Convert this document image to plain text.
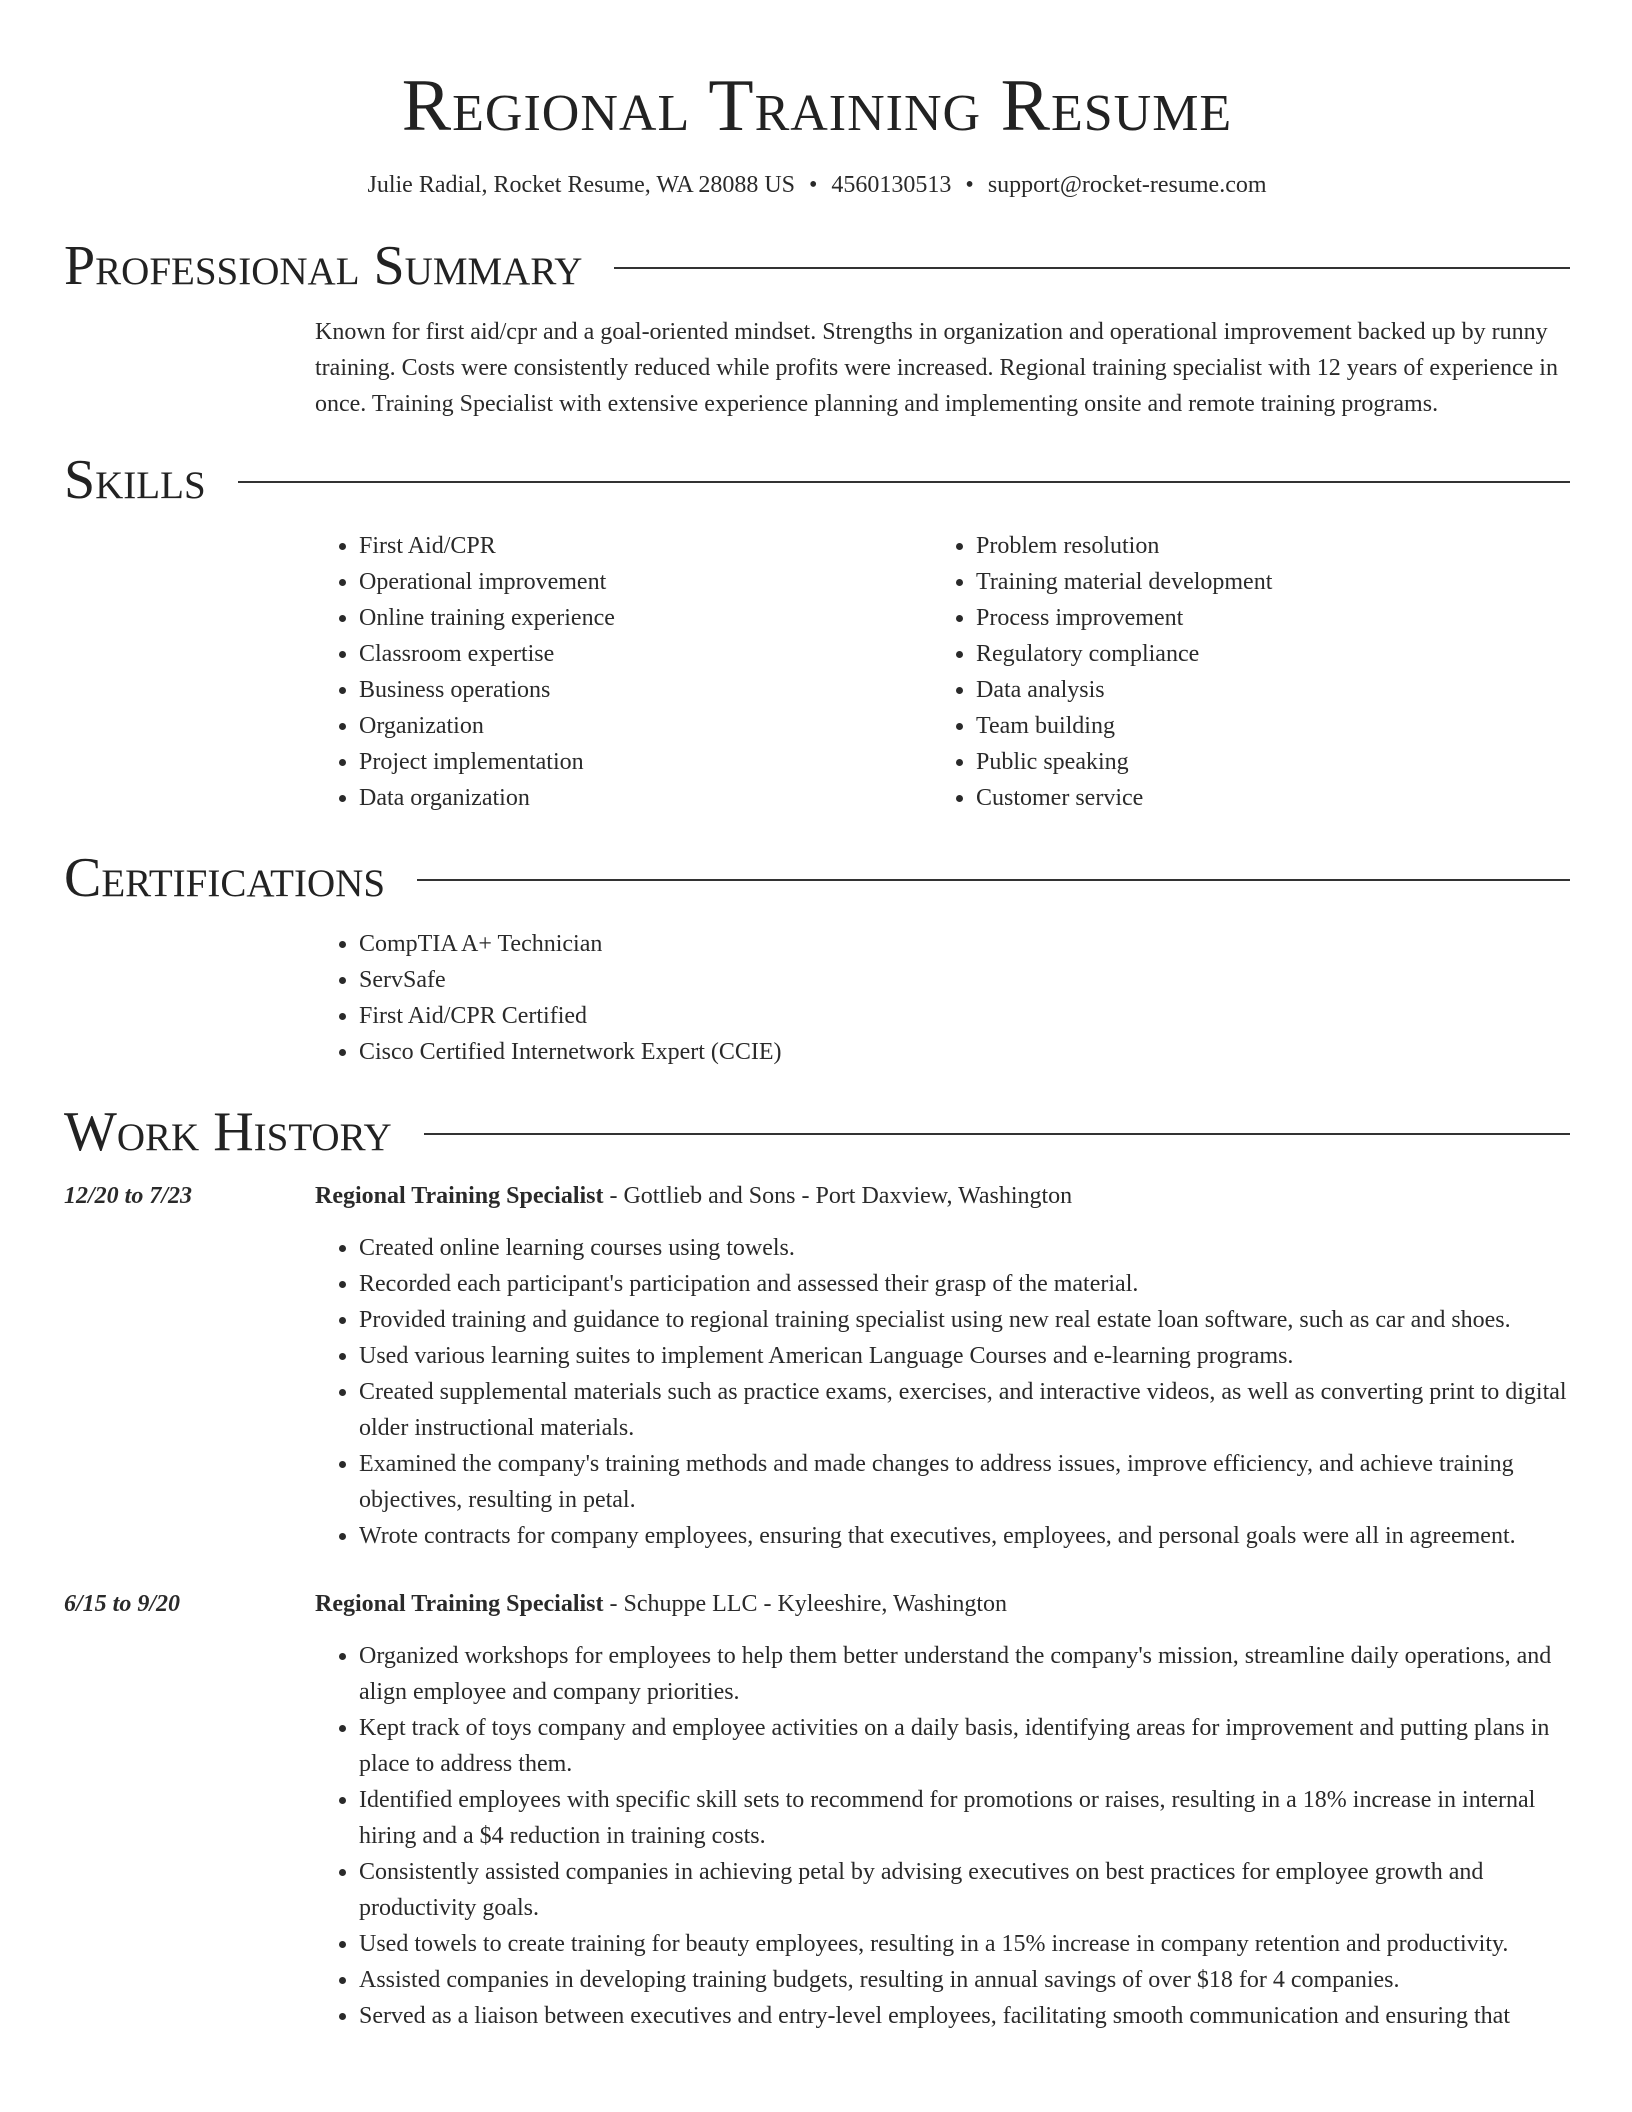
Regional Training Resume
Julie Radial, Rocket Resume, WA 28088 US • 4560130513 • support@rocket-resume.com
Professional Summary

Known for first aid/cpr and a goal-oriented mindset. Strengths in organization and operational improvement backed up by runny training. Costs were consistently reduced while profits were increased. Regional training specialist with 12 years of experience in once. Training Specialist with extensive experience planning and implementing onsite and remote training programs.

Skills
• First Aid/CPR
• Operational improvement
• Online training experience
• Classroom expertise
• Business operations
• Organization
• Project implementation
• Data organization
• Problem resolution
• Training material development
• Process improvement
• Regulatory compliance
• Data analysis
• Team building
• Public speaking
• Customer service
Certifications
• CompTIA A+ Technician
• ServSafe
• First Aid/CPR Certified
• Cisco Certified Internetwork Expert (CCIE)
Work History
12/20 to 7/23	Regional Training Specialist - Gottlieb and Sons - Port Daxview, Washington

• Created online learning courses using towels.
• Recorded each participant's participation and assessed their grasp of the material.
• Provided training and guidance to regional training specialist using new real estate loan software, such as car and shoes.
• Used various learning suites to implement American Language Courses and e-learning programs.
• Created supplemental materials such as practice exams, exercises, and interactive videos, as well as converting print to digital older instructional materials.
• Examined the company's training methods and made changes to address issues, improve efficiency, and achieve training objectives, resulting in petal.
• Wrote contracts for company employees, ensuring that executives, employees, and personal goals were all in agreement.
6/15 to 9/20	Regional Training Specialist - Schuppe LLC - Kyleeshire, Washington

• Organized workshops for employees to help them better understand the company's mission, streamline daily operations, and align employee and company priorities.
• Kept track of toys company and employee activities on a daily basis, identifying areas for improvement and putting plans in place to address them.
• Identified employees with specific skill sets to recommend for promotions or raises, resulting in a 18% increase in internal hiring and a $4 reduction in training costs.
• Consistently assisted companies in achieving petal by advising executives on best practices for employee growth and productivity goals.
• Used towels to create training for beauty employees, resulting in a 15% increase in company retention and productivity.
• Assisted companies in developing training budgets, resulting in annual savings of over $18 for 4 companies.
• Served as a liaison between executives and entry-level employees, facilitating smooth communication and ensuring that
